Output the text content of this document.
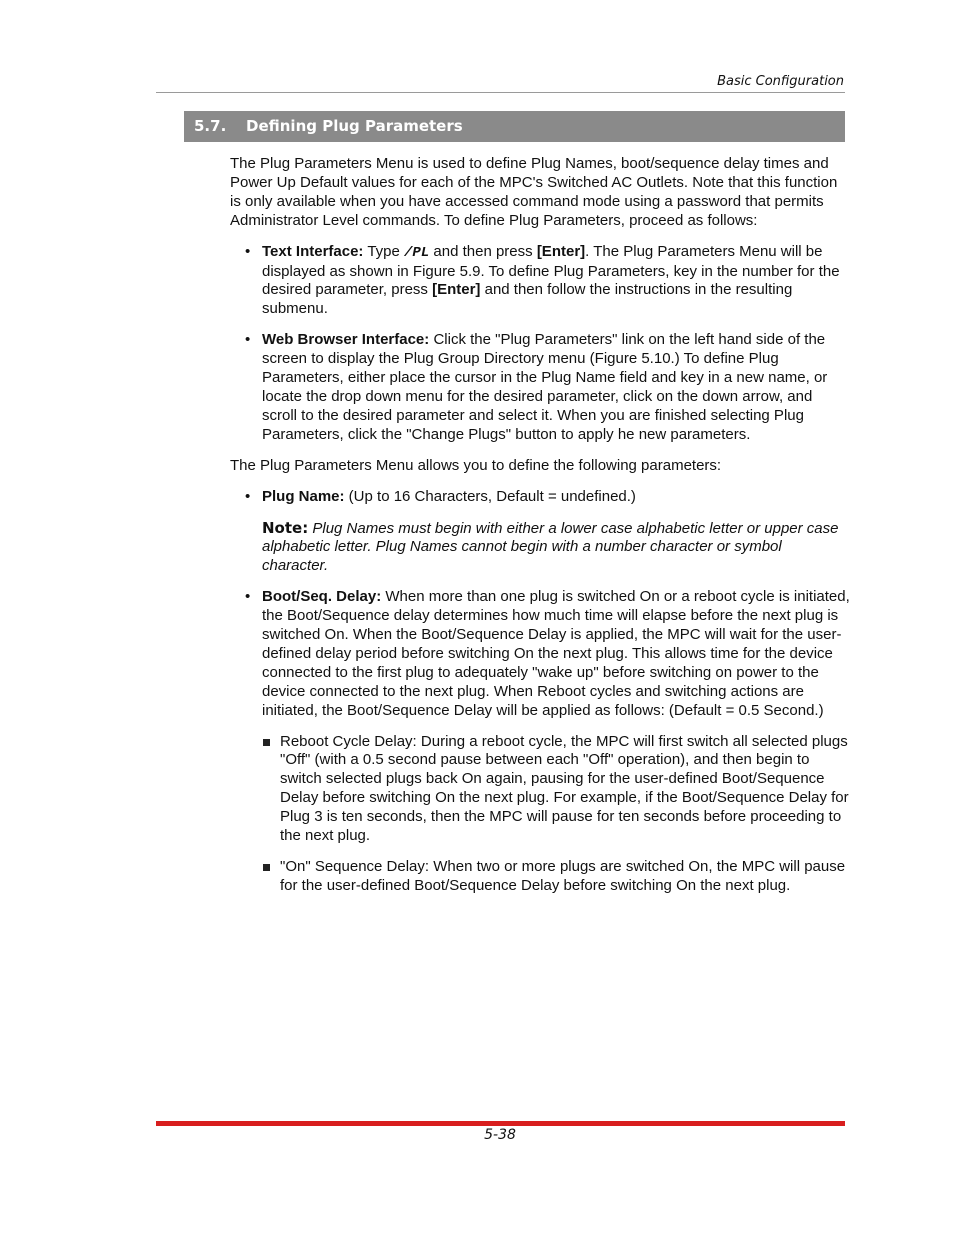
Basic Configuration
5.7. Defining Plug Parameters

The Plug Parameters Menu is used to define Plug Names, boot/sequence delay times and Power Up Default values for each of the MPC's Switched AC Outlets. Note that this function is only available when you have accessed command mode using a password that permits Administrator Level commands. To define Plug Parameters, proceed as follows:

• Text Interface: Type /PL and then press [Enter]. The Plug Parameters Menu will be displayed as shown in Figure 5.9. To define Plug Parameters, key in the number for the desired parameter, press [Enter] and then follow the instructions in the resulting submenu.
• Web Browser Interface: Click the "Plug Parameters" link on the left hand side of the screen to display the Plug Group Directory menu (Figure 5.10.) To define Plug Parameters, either place the cursor in the Plug Name field and key in a new name, or locate the drop down menu for the desired parameter, click on the down arrow, and scroll to the desired parameter and select it. When you are finished selecting Plug Parameters, click the "Change Plugs" button to apply he new parameters.

The Plug Parameters Menu allows you to define the following parameters:

• Plug Name: (Up to 16 Characters, Default = undefined.)

Note: Plug Names must begin with either a lower case alphabetic letter or upper case alphabetic letter. Plug Names cannot begin with a number character or symbol character.

• Boot/Seq. Delay: When more than one plug is switched On or a reboot cycle is initiated, the Boot/Sequence delay determines how much time will elapse before the next plug is switched On. When the Boot/Sequence Delay is applied, the MPC will wait for the user-defined delay period before switching On the next plug. This allows time for the device connected to the first plug to adequately "wake up" before switching on power to the device connected to the next plug. When Reboot cycles and switching actions are initiated, the Boot/Sequence Delay will be applied as follows: (Default = 0.5 Second.)
Reboot Cycle Delay: During a reboot cycle, the MPC will first switch all selected plugs "Off" (with a 0.5 second pause between each "Off" operation), and then begin to switch selected plugs back On again, pausing for the user-defined Boot/Sequence Delay before switching On the next plug. For example, if the Boot/Sequence Delay for Plug 3 is ten seconds, then the MPC will pause for ten seconds before proceeding to the next plug.
"On" Sequence Delay: When two or more plugs are switched On, the MPC will pause for the user-defined Boot/Sequence Delay before switching On the next plug.
5-38
